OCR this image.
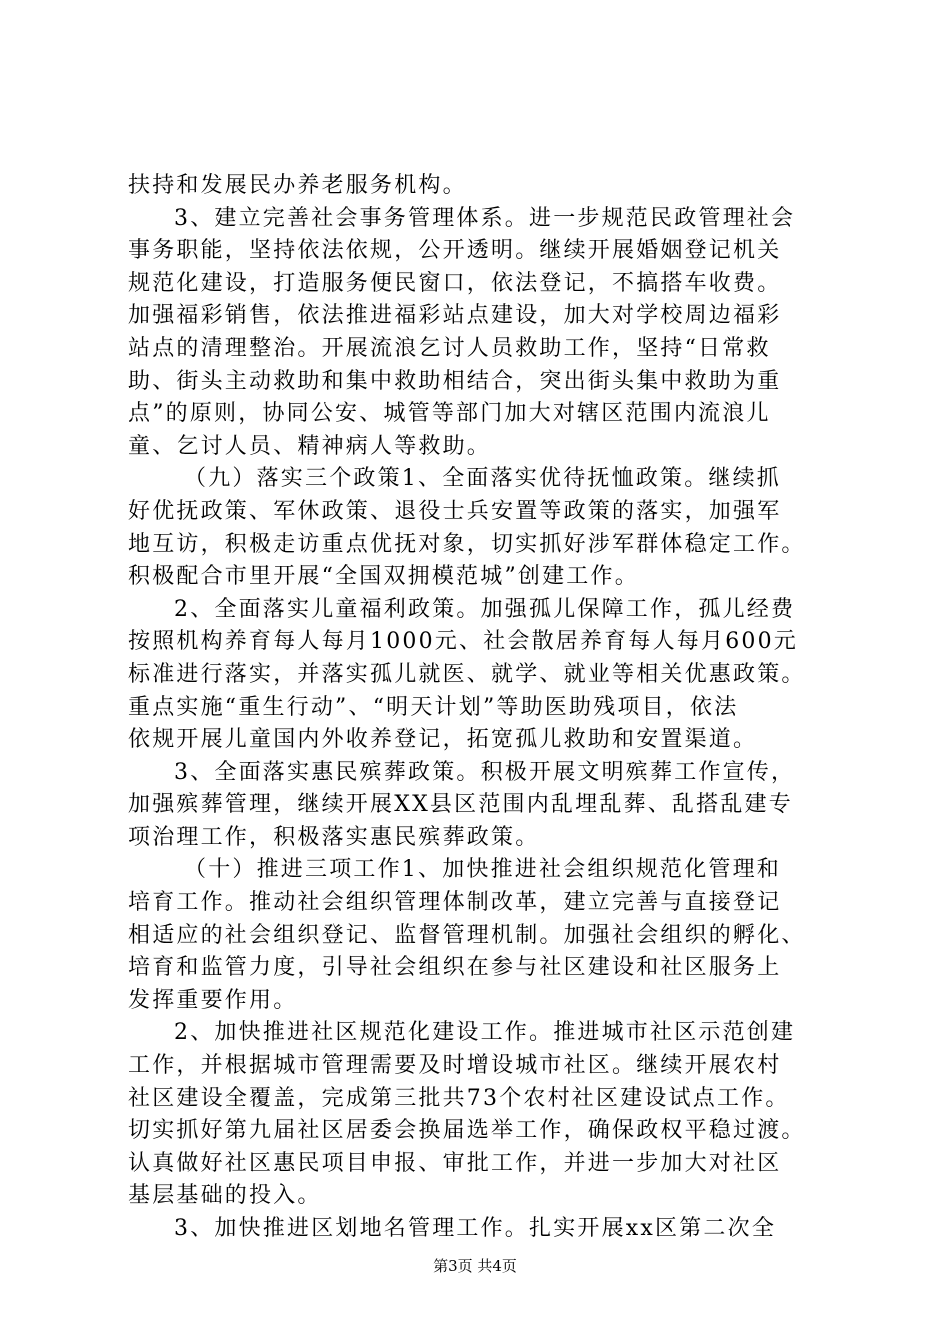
扶持和发展民办养老服务机构。
3、建立完善社会事务管理体系。进一步规范民政管理社会
事务职能，坚持依法依规，公开透明。继续开展婚姻登记机关
规范化建设，打造服务便民窗口，依法登记，不搞搭车收费。
加强福彩销售，依法推进福彩站点建设，加大对学校周边福彩
站点的清理整治。开展流浪乞讨人员救助工作，坚持“日常救
助、街头主动救助和集中救助相结合，突出街头集中救助为重
点”的原则，协同公安、城管等部门加大对辖区范围内流浪儿
童、乞讨人员、精神病人等救助。
（九）落实三个政策1、全面落实优待抚恤政策。继续抓
好优抚政策、军休政策、退役士兵安置等政策的落实，加强军
地互访，积极走访重点优抚对象，切实抓好涉军群体稳定工作。
积极配合市里开展“全国双拥模范城”创建工作。
2、全面落实儿童福利政策。加强孤儿保障工作，孤儿经费
按照机构养育每人每月1000元、社会散居养育每人每月600元
标准进行落实，并落实孤儿就医、就学、就业等相关优惠政策。
重点实施“重生行动”、“明天计划”等助医助残项目，依法
依规开展儿童国内外收养登记，拓宽孤儿救助和安置渠道。
3、全面落实惠民殡葬政策。积极开展文明殡葬工作宣传，
加强殡葬管理，继续开展XX县区范围内乱埋乱葬、乱搭乱建专
项治理工作，积极落实惠民殡葬政策。
（十）推进三项工作1、加快推进社会组织规范化管理和
培育工作。推动社会组织管理体制改革，建立完善与直接登记
相适应的社会组织登记、监督管理机制。加强社会组织的孵化、
培育和监管力度，引导社会组织在参与社区建设和社区服务上
发挥重要作用。
2、加快推进社区规范化建设工作。推进城市社区示范创建
工作，并根据城市管理需要及时增设城市社区。继续开展农村
社区建设全覆盖，完成第三批共73个农村社区建设试点工作。
切实抓好第九届社区居委会换届选举工作，确保政权平稳过渡。
认真做好社区惠民项目申报、审批工作，并进一步加大对社区
基层基础的投入。
3、加快推进区划地名管理工作。扎实开展xx区第二次全
第3页 共4页
